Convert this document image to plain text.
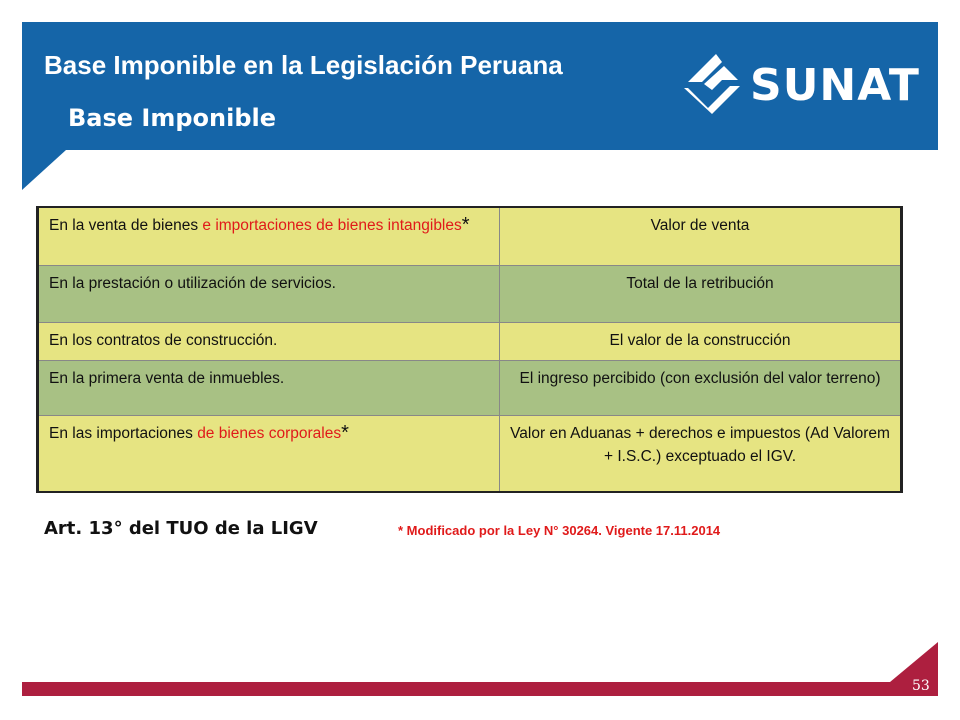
Base Imponible en la Legislación Peruana
Base Imponible
SUNAT
En la venta de bienes e importaciones de bienes intangibles*	Valor de venta
En la prestación o utilización de servicios.	Total de la retribución
En los contratos de construcción.	El valor de la construcción
En la primera venta de inmuebles.	El ingreso percibido (con exclusión del valor terreno)
En las importaciones de bienes corporales*	Valor en Aduanas + derechos e impuestos (Ad Valorem + I.S.C.) exceptuado el IGV.
Art. 13° del TUO de la LIGV	* Modificado por la Ley N° 30264. Vigente 17.11.2014
53
